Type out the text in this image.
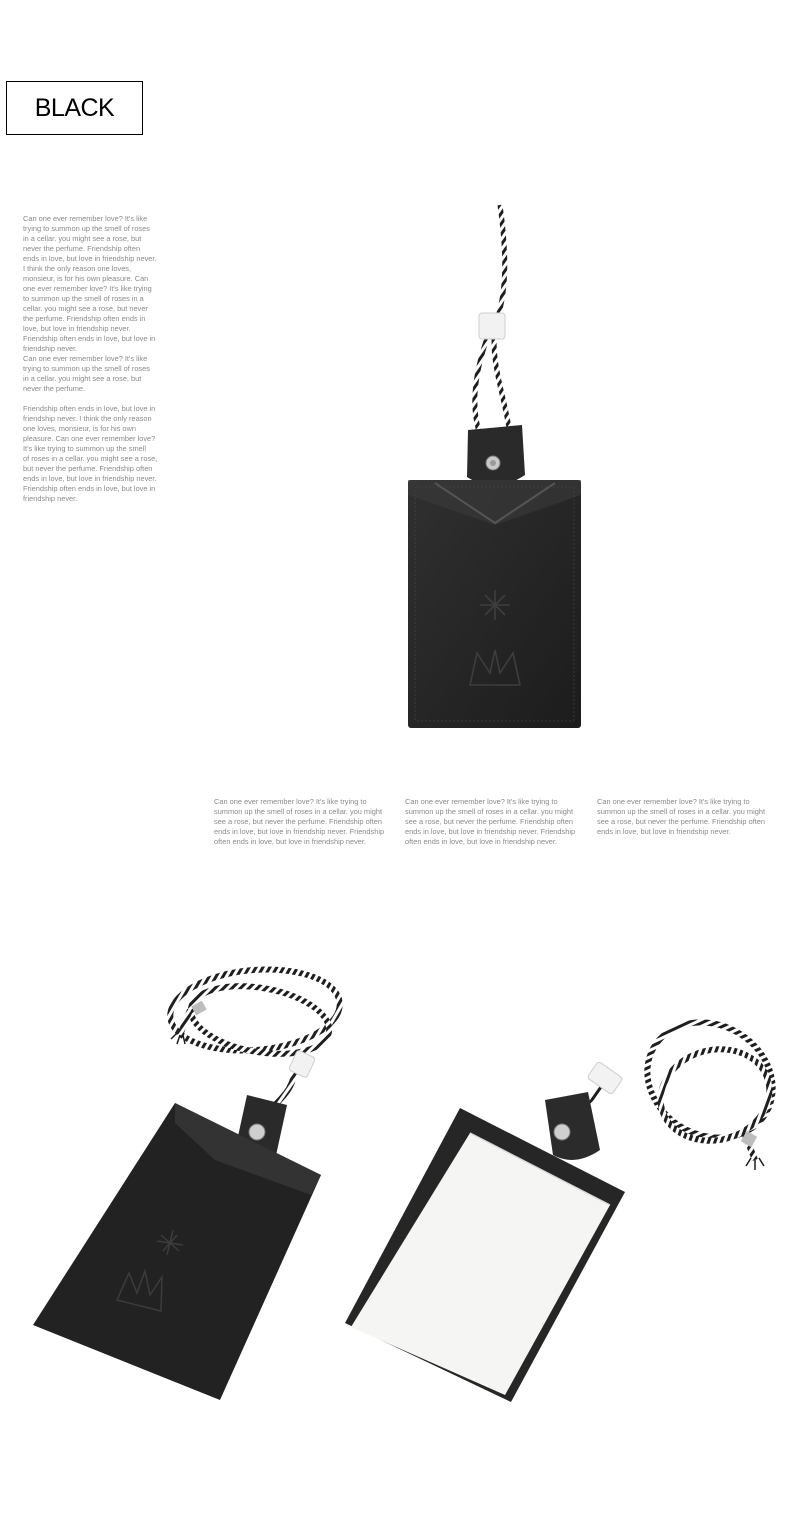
BLACK
Can one ever remember love? It's like
trying to summon up the smell of roses
in a cellar. you might see a rose, but
never the perfume. Friendship often
ends in love, but love in friendship never.
I think the only reason one loves,
monsieur, is for his own pleasure. Can
one ever remember love? It's like trying
to summon up the smell of roses in a
cellar. you might see a rose, but never
the perfume. Friendship often ends in
love, but love in friendship never.
Friendship often ends in love, but love in
friendship never.
Can one ever remember love? It's like
trying to summon up the smell of roses
in a cellar. you might see a rose, but
never the perfume.

Friendship often ends in love, but love in
friendship never. I think the only reason
one loves, monsieur, is for his own
pleasure. Can one ever remember love?
It's like trying to summon up the smell
of roses in a cellar. you might see a rose,
but never the perfume. Friendship often
ends in love, but love in friendship never.
Friendship often ends in love, but love in
friendship never.
Can one ever remember love? It's like trying to
summon up the smell of roses in a cellar. you might
see a rose, but never the perfume. Friendship often
ends in love, but love in friendship never. Friendship
often ends in love, but love in friendship never.
Can one ever remember love? It's like trying to
summon up the smell of roses in a cellar. you might
see a rose, but never the perfume. Friendship often
ends in love, but love in friendship never. Friendship
often ends in love, but love in friendship never.
Can one ever remember love? It's like trying to
summon up the smell of roses in a cellar. you might
see a rose, but never the perfume. Friendship often
ends in love, but love in friendship never.
